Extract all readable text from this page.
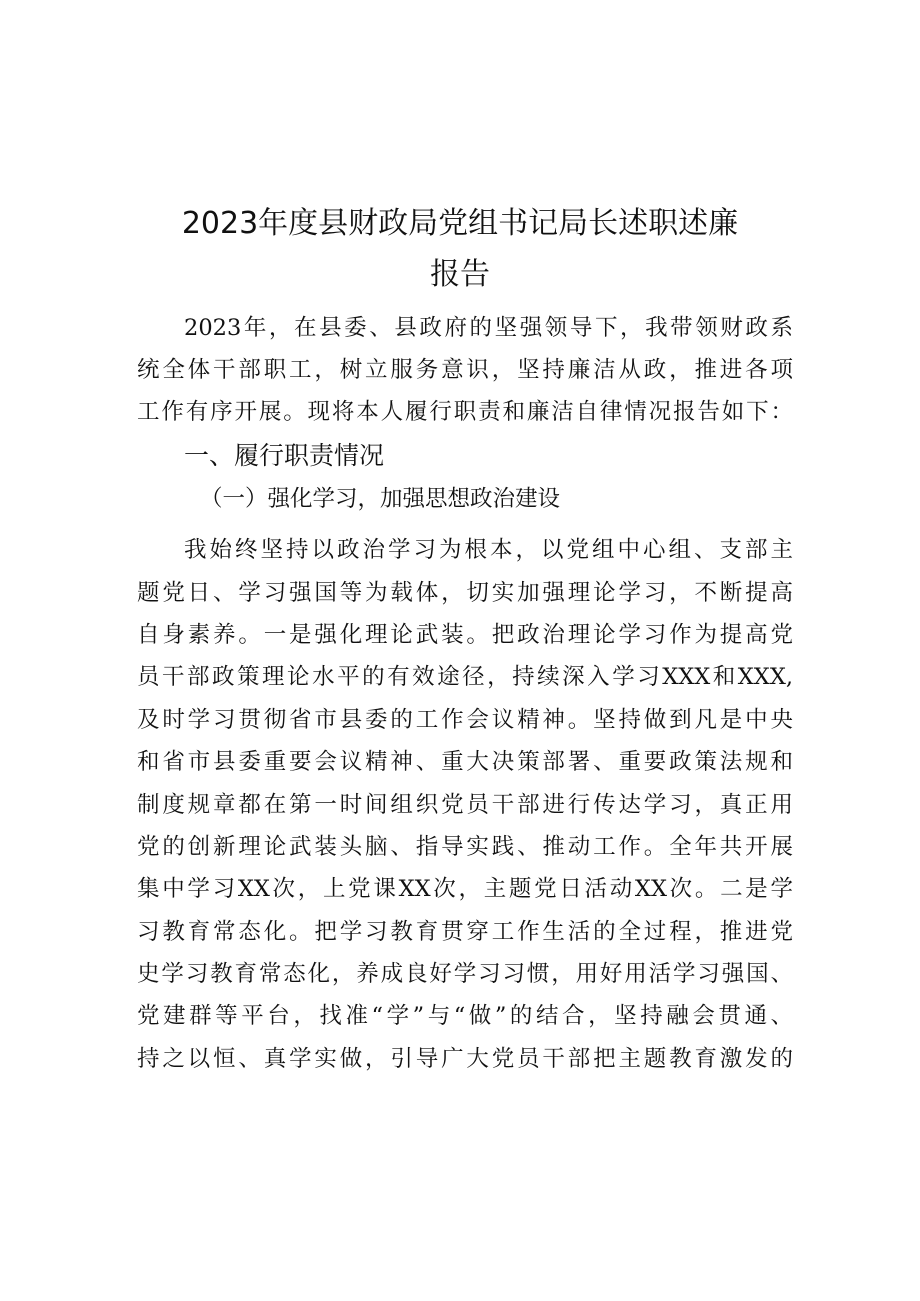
2023年度县财政局党组书记局长述职述廉
报告
2023年，在县委、县政府的坚强领导下，我带领财政系
统全体干部职工，树立服务意识，坚持廉洁从政，推进各项
工作有序开展。现将本人履行职责和廉洁自律情况报告如下：
一、履行职责情况
（一）强化学习，加强思想政治建设
我始终坚持以政治学习为根本，以党组中心组、支部主
题党日、学习强国等为载体，切实加强理论学习，不断提高
自身素养。一是强化理论武装。把政治理论学习作为提高党
员干部政策理论水平的有效途径，持续深入学习XXX和XXX,
及时学习贯彻省市县委的工作会议精神。坚持做到凡是中央
和省市县委重要会议精神、重大决策部署、重要政策法规和
制度规章都在第一时间组织党员干部进行传达学习，真正用
党的创新理论武装头脑、指导实践、推动工作。全年共开展
集中学习XX次，上党课XX次，主题党日活动XX次。二是学
习教育常态化。把学习教育贯穿工作生活的全过程，推进党
史学习教育常态化，养成良好学习习惯，用好用活学习强国、
党建群等平台，找准“学”与“做”的结合，坚持融会贯通、
持之以恒、真学实做，引导广大党员干部把主题教育激发的
